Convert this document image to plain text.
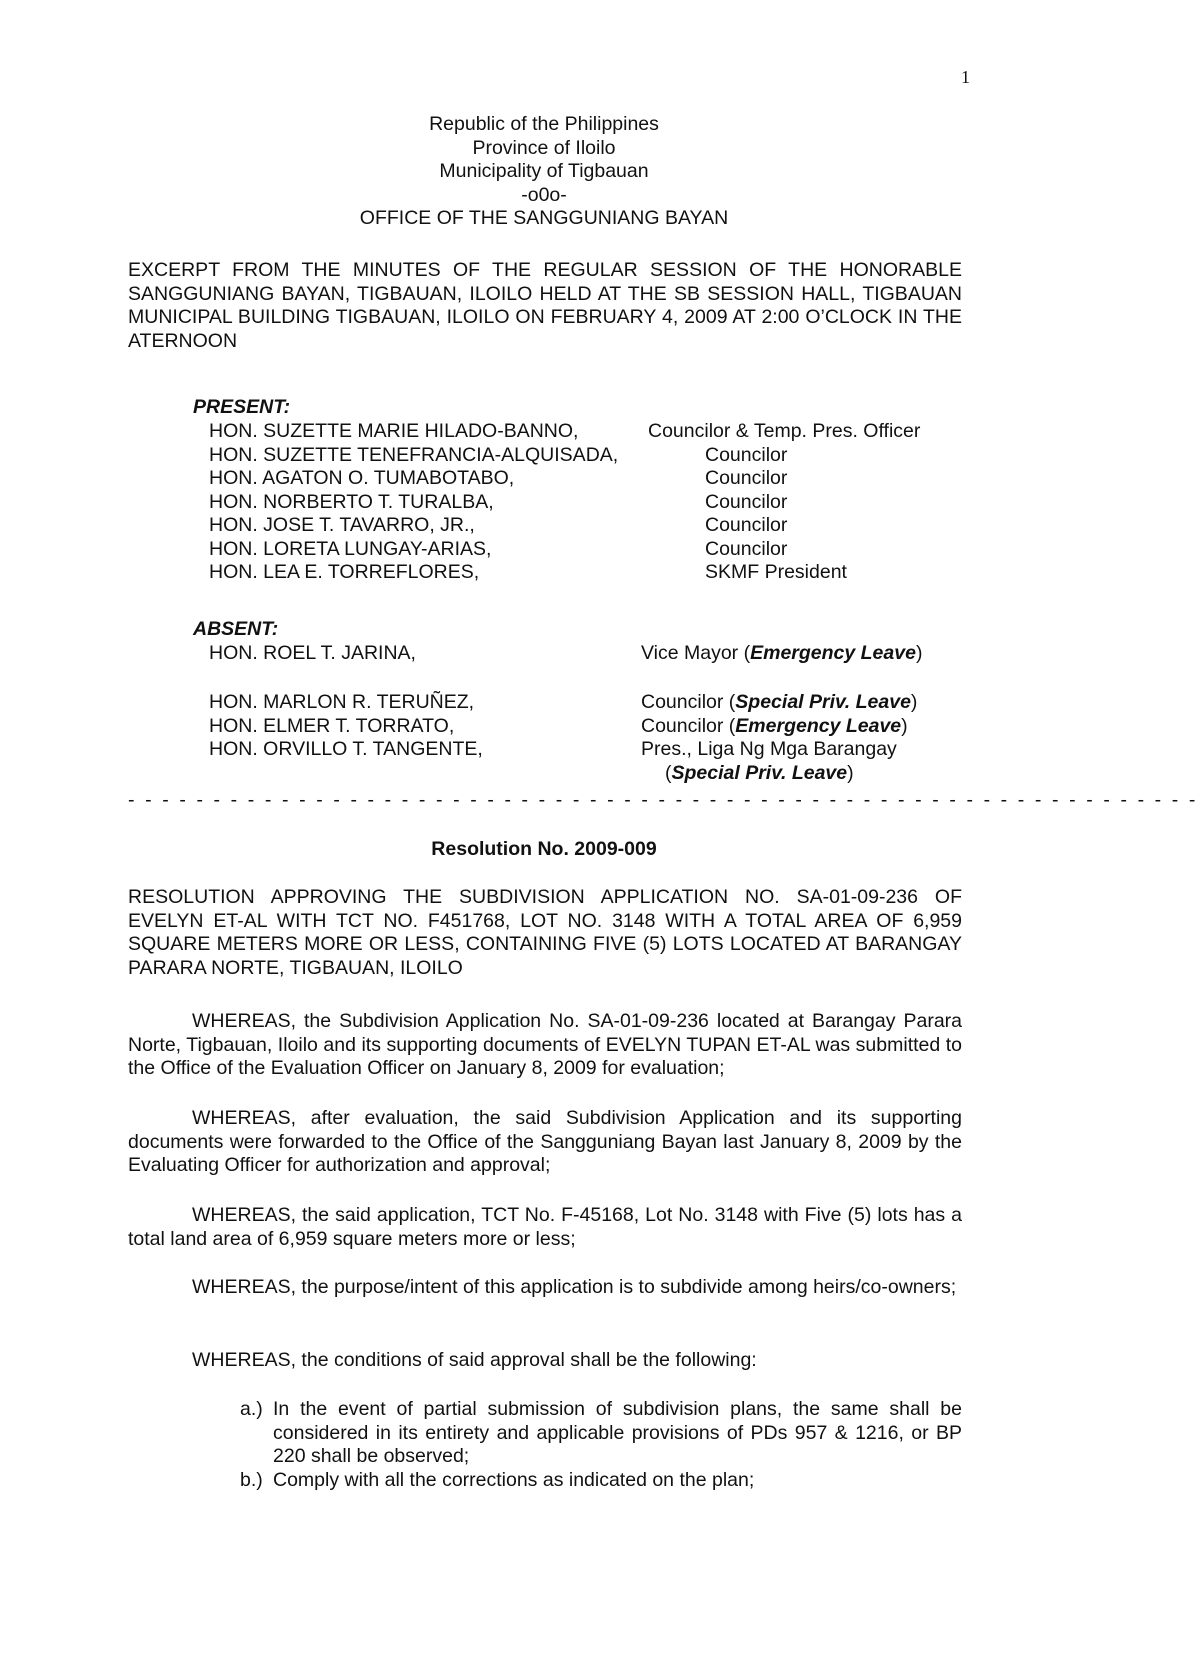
1
Republic of the Philippines
Province of Iloilo
Municipality of Tigbauan
-o0o-
OFFICE OF THE SANGGUNIANG BAYAN
EXCERPT FROM THE MINUTES OF THE REGULAR SESSION OF THE HONORABLE SANGGUNIANG BAYAN, TIGBAUAN, ILOILO HELD AT THE SB SESSION HALL, TIGBAUAN MUNICIPAL BUILDING TIGBAUAN, ILOILO ON FEBRUARY 4, 2009 AT 2:00 O’CLOCK IN THE ATERNOON
PRESENT:
HON. SUZETTE MARIE HILADO-BANNO,	Councilor & Temp. Pres. Officer
HON. SUZETTE TENEFRANCIA-ALQUISADA,	Councilor
HON. AGATON O. TUMABOTABO,	Councilor
HON. NORBERTO T. TURALBA,	Councilor
HON. JOSE T. TAVARRO, JR.,	Councilor
HON. LORETA LUNGAY-ARIAS,	Councilor
HON. LEA E. TORREFLORES,	SKMF President
ABSENT:
HON. ROEL T. JARINA,	Vice Mayor (Emergency Leave)
HON. MARLON R. TERUÑEZ,	Councilor (Special Priv. Leave)
HON. ELMER T. TORRATO,	Councilor (Emergency Leave)
HON. ORVILLO T. TANGENTE,	Pres., Liga Ng Mga Barangay
(Special Priv. Leave)
- - - - - - - - - - - - - - - - - - - - - - - - - - - - - - - - - - - - - - - - - - - - - - - - - - - - - - - - - - - - - - -
Resolution No. 2009-009
RESOLUTION APPROVING THE SUBDIVISION APPLICATION NO. SA-01-09-236 OF EVELYN ET-AL WITH TCT NO. F451768, LOT NO. 3148 WITH A TOTAL AREA OF 6,959 SQUARE METERS MORE OR LESS, CONTAINING FIVE (5) LOTS LOCATED AT BARANGAY PARARA NORTE, TIGBAUAN, ILOILO
WHEREAS, the Subdivision Application No. SA-01-09-236 located at Barangay Parara Norte, Tigbauan, Iloilo and its supporting documents of EVELYN TUPAN ET-AL was submitted to the Office of the Evaluation Officer on January 8, 2009 for evaluation;
WHEREAS, after evaluation, the said Subdivision Application and its supporting documents were forwarded to the Office of the Sangguniang Bayan last January 8, 2009 by the Evaluating Officer for authorization and approval;
WHEREAS, the said application, TCT No. F-45168, Lot No. 3148 with Five (5) lots has a total land area of 6,959 square meters more or less;
WHEREAS, the purpose/intent of this application is to subdivide among heirs/co-owners;
WHEREAS, the conditions of said approval shall be the following:
a.) In the event of partial submission of subdivision plans, the same shall be considered in its entirety and applicable provisions of PDs 957 & 1216, or BP 220 shall be observed;
b.) Comply with all the corrections as indicated on the plan;
